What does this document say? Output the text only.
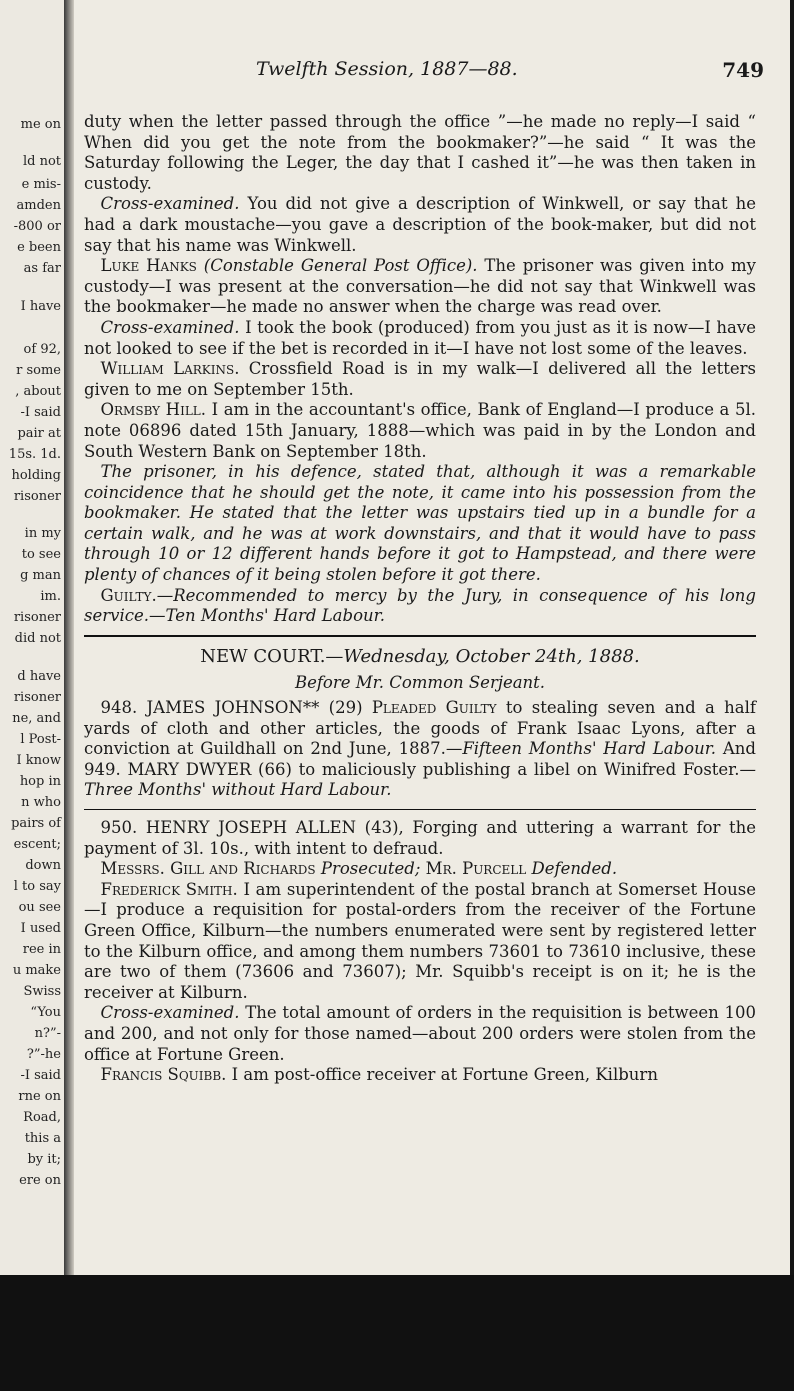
me on
ld not
e mis-
amden
-800 or
e been
as far
I have
of 92,
r some
, about
-I said
pair at
15s. 1d.
holding
risoner
in my
to see
g man
im.
risoner
did not
d have
risoner
ne, and
l Post-
I know
hop in
n who
pairs of
escent;
down
l to say
ou see
I used
ree in
u make
Swiss
“You
n?”-
?”-he
-I said
rne on
Road,
this a
by it;
ere on
Twelfth Session, 1887—88.	749

duty when the letter passed through the office ”—he made no reply—I said “ When did you get the note from the bookmaker?”—he said “ It was the Saturday following the Leger, the day that I cashed it”—he was then taken in custody.

 Cross-examined. You did not give a description of Winkwell, or say that he had a dark moustache—you gave a description of the book-maker, but did not say that his name was Winkwell.

 Luke Hanks (Constable General Post Office). The prisoner was given into my custody—I was present at the conversation—he did not say that Winkwell was the bookmaker—he made no answer when the charge was read over.

 Cross-examined. I took the book (produced) from you just as it is now—I have not looked to see if the bet is recorded in it—I have not lost some of the leaves.

 William Larkins. Crossfield Road is in my walk—I delivered all the letters given to me on September 15th.

 Ormsby Hill. I am in the accountant's office, Bank of England—I produce a 5l. note 06896 dated 15th January, 1888—which was paid in by the London and South Western Bank on September 18th.

 The prisoner, in his defence, stated that, although it was a remarkable coincidence that he should get the note, it came into his possession from the bookmaker. He stated that the letter was upstairs tied up in a bundle for a certain walk, and he was at work downstairs, and that it would have to pass through 10 or 12 different hands before it got to Hampstead, and there were plenty of chances of it being stolen before it got there.

 Guilty.—Recommended to mercy by the Jury, in consequence of his long service.—Ten Months' Hard Labour.

NEW COURT.—Wednesday, October 24th, 1888.
Before Mr. Common Serjeant.

 948. JAMES JOHNSON** (29) Pleaded Guilty to stealing seven and a half yards of cloth and other articles, the goods of Frank Isaac Lyons, after a conviction at Guildhall on 2nd June, 1887.—Fifteen Months' Hard Labour. And 949. MARY DWYER (66) to maliciously publishing a libel on Winifred Foster.—Three Months' without Hard Labour.

 950. HENRY JOSEPH ALLEN (43), Forging and uttering a warrant for the payment of 3l. 10s., with intent to defraud.

 Messrs. Gill and Richards Prosecuted; Mr. Purcell Defended.

 Frederick Smith. I am superintendent of the postal branch at Somerset House—I produce a requisition for postal-orders from the receiver of the Fortune Green Office, Kilburn—the numbers enumerated were sent by registered letter to the Kilburn office, and among them numbers 73601 to 73610 inclusive, these are two of them (73606 and 73607); Mr. Squibb's receipt is on it; he is the receiver at Kilburn.

 Cross-examined. The total amount of orders in the requisition is between 100 and 200, and not only for those named—about 200 orders were stolen from the office at Fortune Green.

 Francis Squibb. I am post-office receiver at Fortune Green, Kilburn
